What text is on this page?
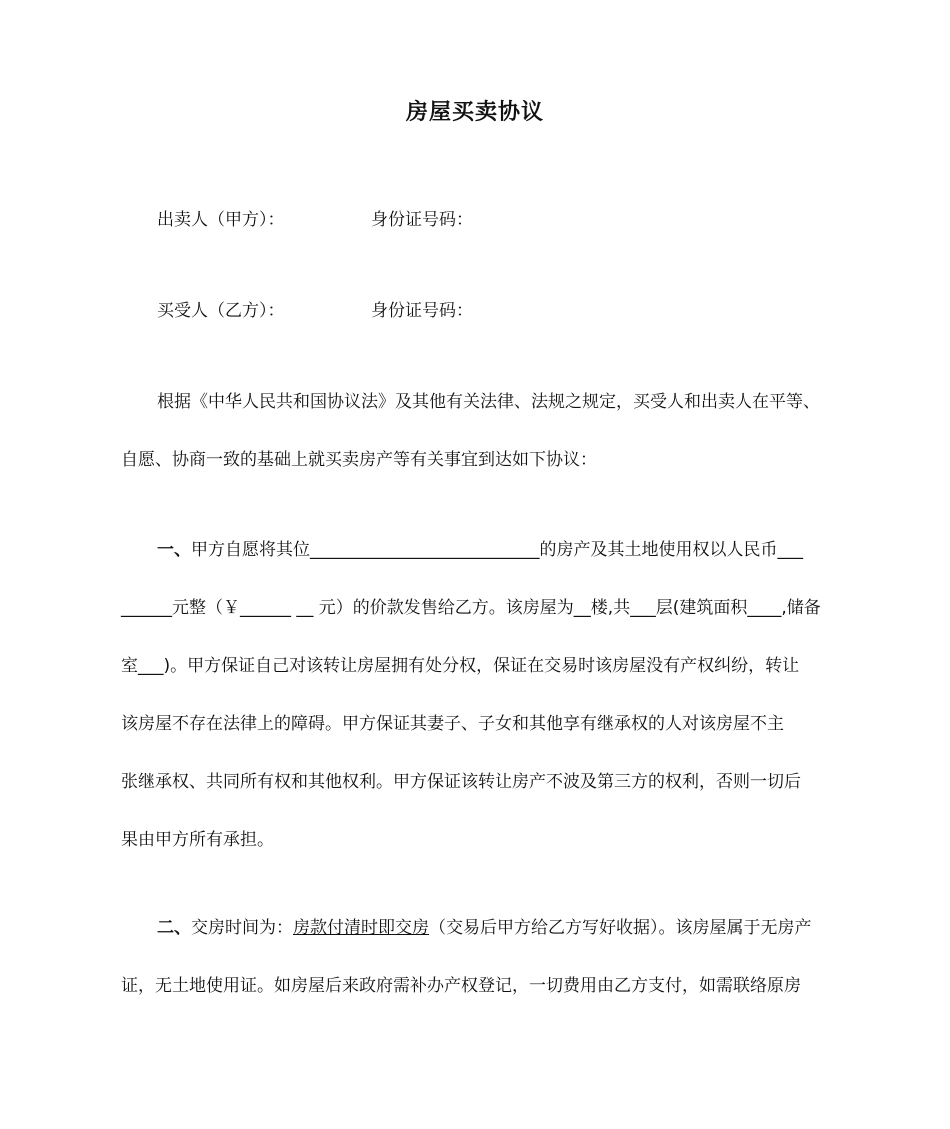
房屋买卖协议
出卖人（甲方）：	身份证号码：
买受人（乙方）：	身份证号码：
根据《中华人民共和国协议法》及其他有关法律、法规之规定，买受人和出卖人在平等、
自愿、协商一致的基础上就买卖房产等有关事宜到达如下协议：
一、甲方自愿将其位___________________________的房产及其土地使用权以人民币___
______元整（￥______ __ 元）的价款发售给乙方。该房屋为__楼,共___层(建筑面积____,储备
室___)。甲方保证自己对该转让房屋拥有处分权，保证在交易时该房屋没有产权纠纷，转让
该房屋不存在法律上的障碍。甲方保证其妻子、子女和其他享有继承权的人对该房屋不主
张继承权、共同所有权和其他权利。甲方保证该转让房产不波及第三方的权利，否则一切后
果由甲方所有承担。
二、交房时间为：房款付清时即交房（交易后甲方给乙方写好收据）。该房屋属于无房产
证，无土地使用证。如房屋后来政府需补办产权登记，一切费用由乙方支付，如需联络原房
